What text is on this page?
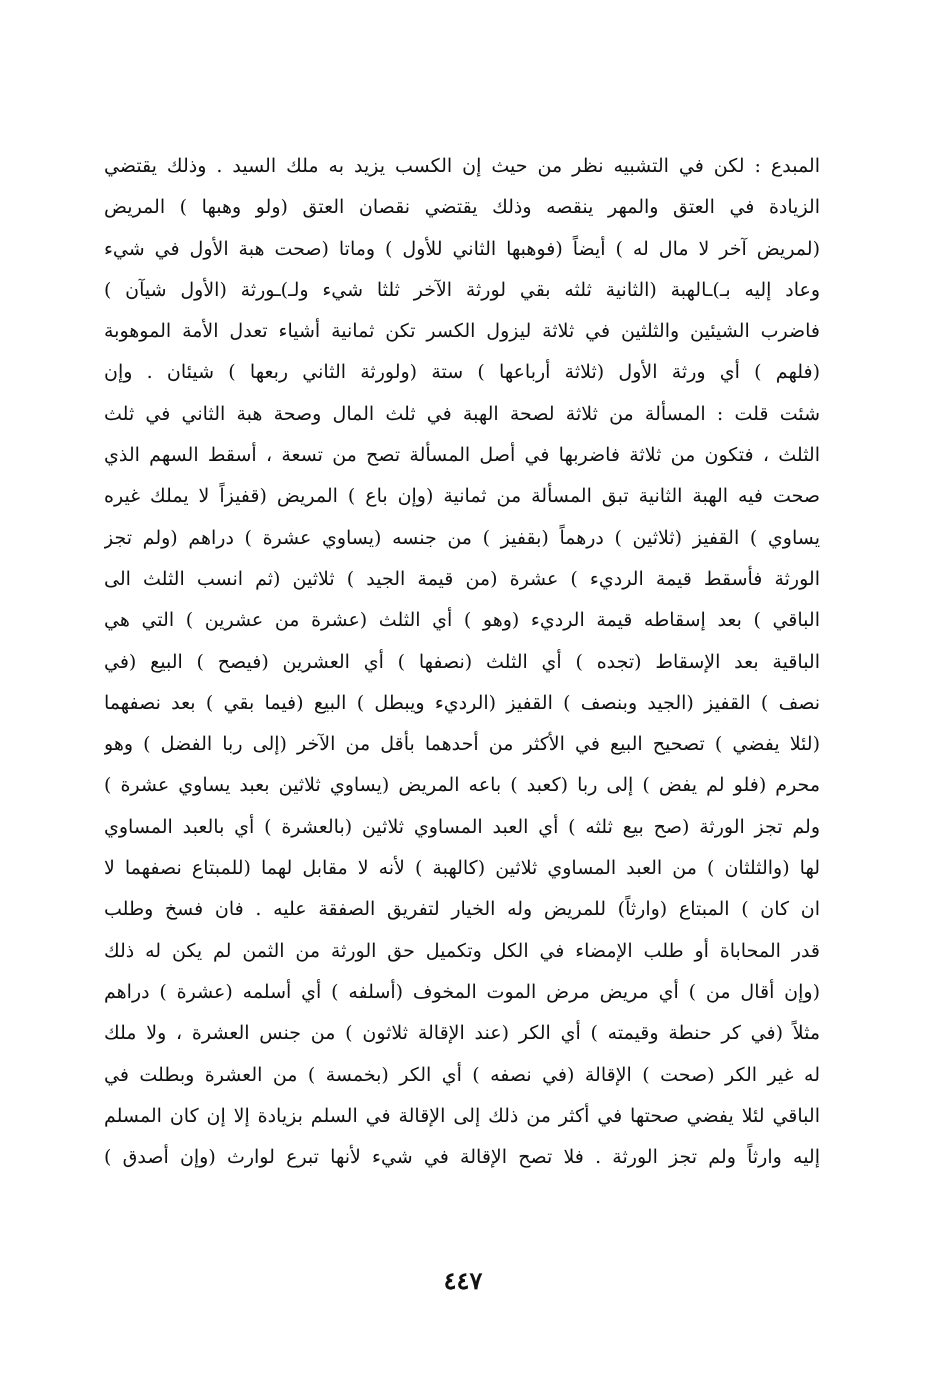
المبدع : لكن في التشبيه نظر من حيث إن الكسب يزيد به ملك السيد . وذلك يقتضي
الزيادة في العتق والمهر ينقصه وذلك يقتضي نقصان العتق (ولو وهبها ) المريض
(لمريض آخر لا مال له ) أيضاً (فوهبها الثاني للأول ) وماتا (صحت هبة الأول في شيء
وعاد إليه بـ)ـالهبة (الثانية ثلثه بقي لورثة الآخر ثلثا شيء ولـ)ـورثة (الأول شيآن )
فاضرب الشيئين والثلثين في ثلاثة ليزول الكسر تكن ثمانية أشياء تعدل الأمة الموهوبة
(فلهم ) أي ورثة الأول (ثلاثة أرباعها ) ستة (ولورثة الثاني ربعها ) شيئان . وإن
شئت قلت : المسألة من ثلاثة لصحة الهبة في ثلث المال وصحة هبة الثاني في ثلث
الثلث ، فتكون من ثلاثة فاضربها في أصل المسألة تصح من تسعة ، أسقط السهم الذي
صحت فيه الهبة الثانية تبق المسألة من ثمانية (وإن باع ) المريض (قفيزاً لا يملك غيره
يساوي ) القفيز (ثلاثين ) درهماً (بقفيز ) من جنسه (يساوي عشرة ) دراهم (ولم تجز
الورثة فأسقط قيمة الرديء ) عشرة (من قيمة الجيد ) ثلاثين (ثم انسب الثلث الى
الباقي ) بعد إسقاطه قيمة الرديء (وهو ) أي الثلث (عشرة من عشرين ) التي هي
الباقية بعد الإسقاط (تجده ) أي الثلث (نصفها ) أي العشرين (فيصح ) البيع (في
نصف ) القفيز (الجيد وبنصف ) القفيز (الرديء ويبطل ) البيع (فيما بقي ) بعد نصفهما
(لئلا يفضي ) تصحيح البيع في الأكثر من أحدهما بأقل من الآخر (إلى ربا الفضل ) وهو
محرم (فلو لم يفض ) إلى ربا (كعبد ) باعه المريض (يساوي ثلاثين بعبد يساوي عشرة )
ولم تجز الورثة (صح بيع ثلثه ) أي العبد المساوي ثلاثين (بالعشرة ) أي بالعبد المساوي
لها (والثلثان ) من العبد المساوي ثلاثين (كالهبة ) لأنه لا مقابل لهما (للمبتاع نصفهما لا
ان كان ) المبتاع (وارثاً) للمريض وله الخيار لتفريق الصفقة عليه . فان فسخ وطلب
قدر المحاباة أو طلب الإمضاء في الكل وتكميل حق الورثة من الثمن لم يكن له ذلك
(وإن أقال من ) أي مريض مرض الموت المخوف (أسلفه ) أي أسلمه (عشرة ) دراهم
مثلاً (في كر حنطة وقيمته ) أي الكر (عند الإقالة ثلاثون ) من جنس العشرة ، ولا ملك
له غير الكر (صحت ) الإقالة (في نصفه ) أي الكر (بخمسة ) من العشرة وبطلت في
الباقي لئلا يفضي صحتها في أكثر من ذلك إلى الإقالة في السلم بزيادة إلا إن كان المسلم
إليه وارثاً ولم تجز الورثة . فلا تصح الإقالة في شيء لأنها تبرع لوارث (وإن أصدق )
٤٤٧
